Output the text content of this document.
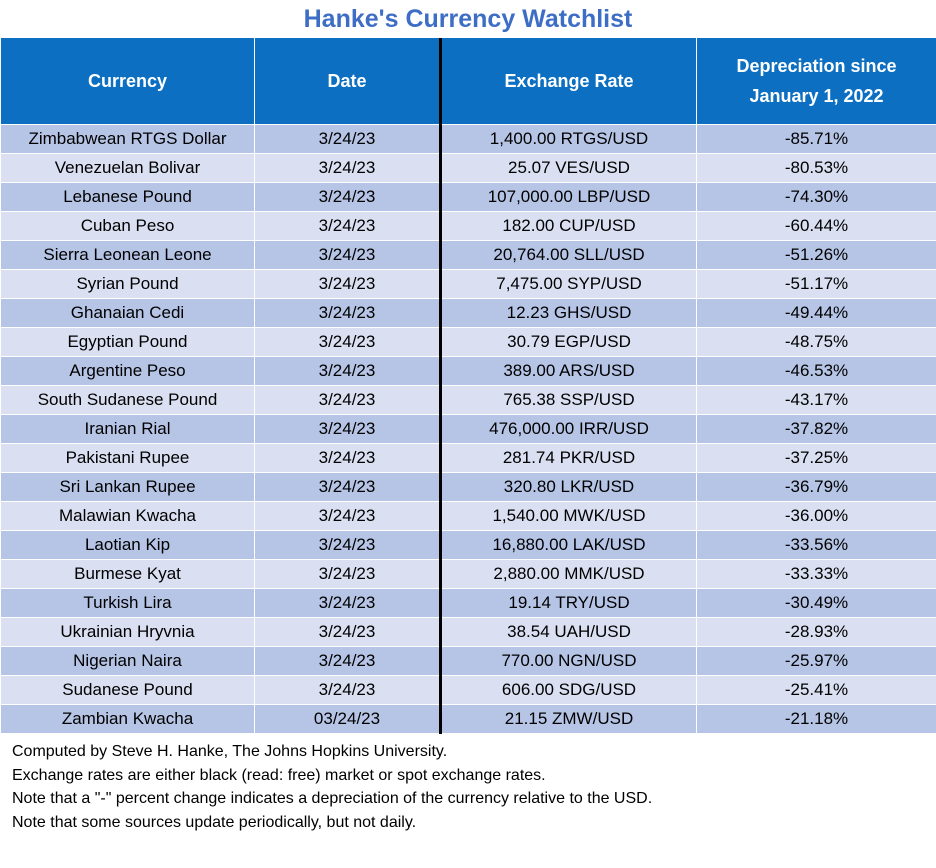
Hanke's Currency Watchlist
Currency	Date	Exchange Rate	Depreciation since
January 1, 2022

Zimbabwean RTGS Dollar	3/24/23	1,400.00 RTGS/USD	-85.71%
Venezuelan Bolivar	3/24/23	25.07 VES/USD	-80.53%
Lebanese Pound	3/24/23	107,000.00 LBP/USD	-74.30%
Cuban Peso	3/24/23	182.00 CUP/USD	-60.44%
Sierra Leonean Leone	3/24/23	20,764.00 SLL/USD	-51.26%
Syrian Pound	3/24/23	7,475.00 SYP/USD	-51.17%
Ghanaian Cedi	3/24/23	12.23 GHS/USD	-49.44%
Egyptian Pound	3/24/23	30.79 EGP/USD	-48.75%
Argentine Peso	3/24/23	389.00 ARS/USD	-46.53%
South Sudanese Pound	3/24/23	765.38 SSP/USD	-43.17%
Iranian Rial	3/24/23	476,000.00 IRR/USD	-37.82%
Pakistani Rupee	3/24/23	281.74 PKR/USD	-37.25%
Sri Lankan Rupee	3/24/23	320.80 LKR/USD	-36.79%
Malawian Kwacha	3/24/23	1,540.00 MWK/USD	-36.00%
Laotian Kip	3/24/23	16,880.00 LAK/USD	-33.56%
Burmese Kyat	3/24/23	2,880.00 MMK/USD	-33.33%
Turkish Lira	3/24/23	19.14 TRY/USD	-30.49%
Ukrainian Hryvnia	3/24/23	38.54 UAH/USD	-28.93%
Nigerian Naira	3/24/23	770.00 NGN/USD	-25.97%
Sudanese Pound	3/24/23	606.00 SDG/USD	-25.41%
Zambian Kwacha	03/24/23	21.15 ZMW/USD	-21.18%
Computed by Steve H. Hanke, The Johns Hopkins University.
Exchange rates are either black (read: free) market or spot exchange rates.
Note that a "-" percent change indicates a depreciation of the currency relative to the USD.
Note that some sources update periodically, but not daily.
